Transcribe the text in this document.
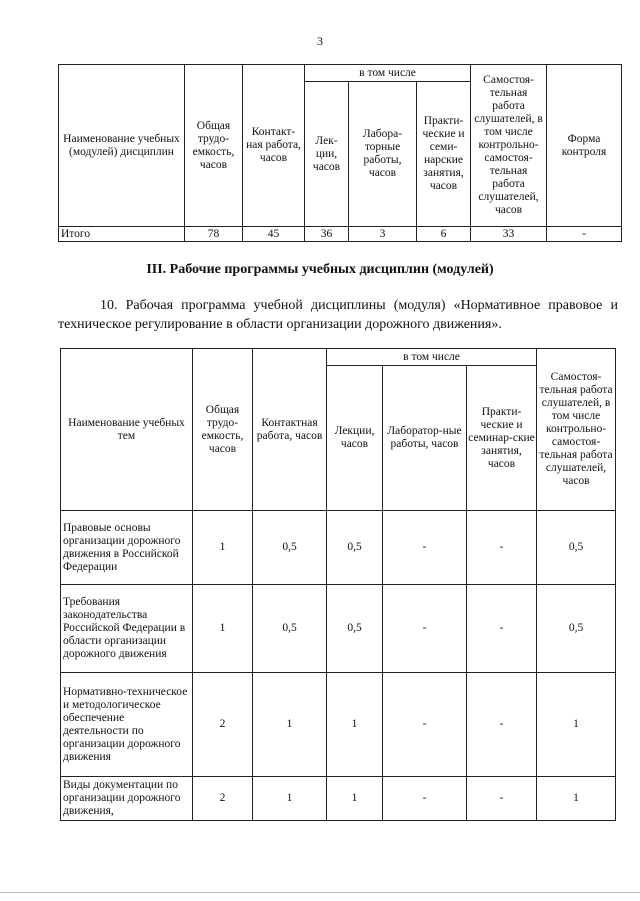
3
Наименование учебных (модулей) дисциплин	Общая трудо-емкость, часов	Контакт-ная работа, часов	в том числе			Самостоя-тельная работа слушателей, в том числе контрольно-самостоя-тельная работа слушателей, часов	Форма контроля
			Лек-ции, часов	Лабора-торные работы, часов	Практи-ческие и семи-нарские занятия, часов		
Итого	78	45	36	3	6	33	-
III. Рабочие программы учебных дисциплин (модулей)
10. Рабочая программа учебной дисциплины (модуля) «Нормативное правовое и техническое регулирование в области организации дорожного движения».
Наименование учебных тем	Общая трудо-емкость, часов	Контактная работа, часов	в том числе			Самостоя-тельная работа слушателей, в том числе контрольно-самостоя-тельная работа слушателей, часов
			Лекции, часов	Лаборатор-ные работы, часов	Практи-ческие и семинар-ские занятия, часов	
Правовые основы организации дорожного движения в Российской Федерации	1	0,5	0,5	-	-	0,5
Требования законодательства Российской Федерации в области организации дорожного движения	1	0,5	0,5	-	-	0,5
Нормативно-техническое и методологическое обеспечение деятельности по организации дорожного движения	2	1	1	-	-	1
Виды документации по организации дорожного движения,	2	1	1	-	-	1
